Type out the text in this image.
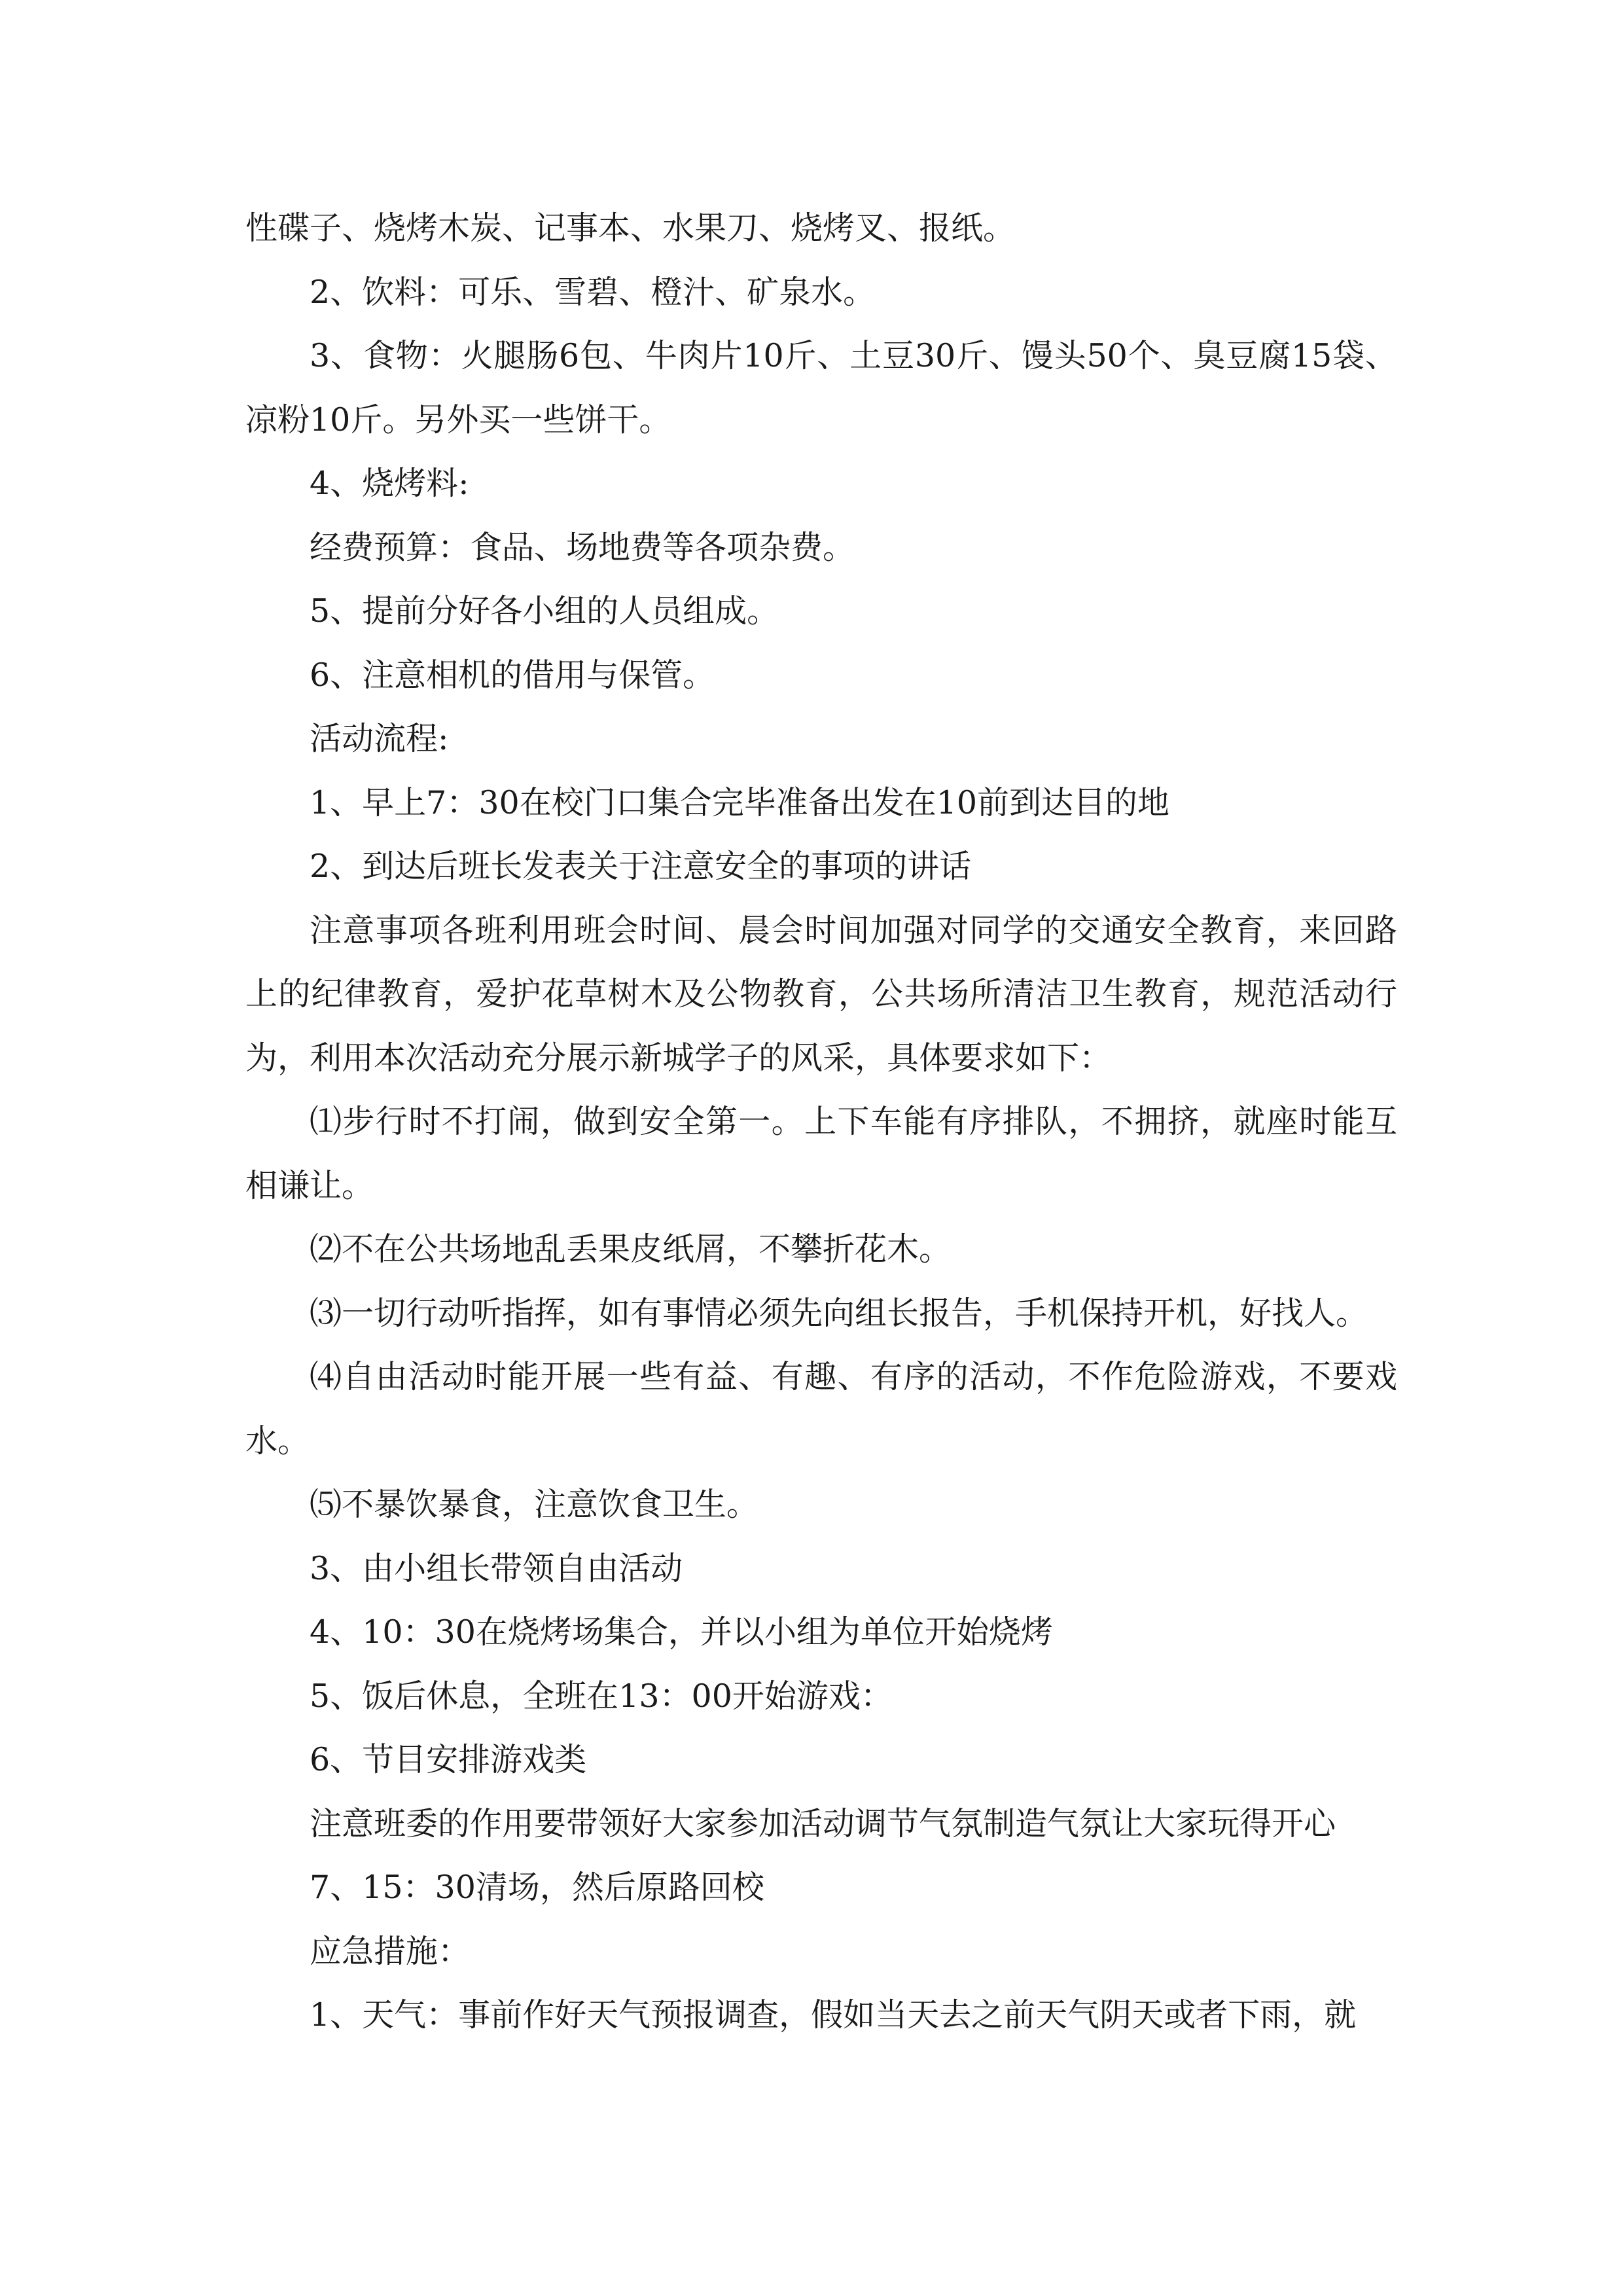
性碟子、烧烤木炭、记事本、水果刀、烧烤叉、报纸。

2、饮料：可乐、雪碧、橙汁、矿泉水。

3、食物：火腿肠6包、牛肉片10斤、土豆30斤、馒头50个、臭豆腐15袋、凉粉10斤。另外买一些饼干。

4、烧烤料:

经费预算：食品、场地费等各项杂费。

5、提前分好各小组的人员组成。

6、注意相机的借用与保管。

活动流程:

1、早上7：30在校门口集合完毕准备出发在10前到达目的地

2、到达后班长发表关于注意安全的事项的讲话

注意事项各班利用班会时间、晨会时间加强对同学的交通安全教育，来回路上的纪律教育，爱护花草树木及公物教育，公共场所清洁卫生教育，规范活动行为，利用本次活动充分展示新城学子的风采，具体要求如下：

⑴步行时不打闹，做到安全第一。上下车能有序排队，不拥挤，就座时能互相谦让。

⑵不在公共场地乱丢果皮纸屑，不攀折花木。

⑶一切行动听指挥，如有事情必须先向组长报告，手机保持开机，好找人。

⑷自由活动时能开展一些有益、有趣、有序的活动，不作危险游戏，不要戏水。

⑸不暴饮暴食，注意饮食卫生。

3、由小组长带领自由活动

4、10：30在烧烤场集合，并以小组为单位开始烧烤

5、饭后休息，全班在13：00开始游戏：

6、节目安排游戏类

注意班委的作用要带领好大家参加活动调节气氛制造气氛让大家玩得开心

7、15：30清场，然后原路回校

应急措施：

1、天气：事前作好天气预报调查，假如当天去之前天气阴天或者下雨，就
